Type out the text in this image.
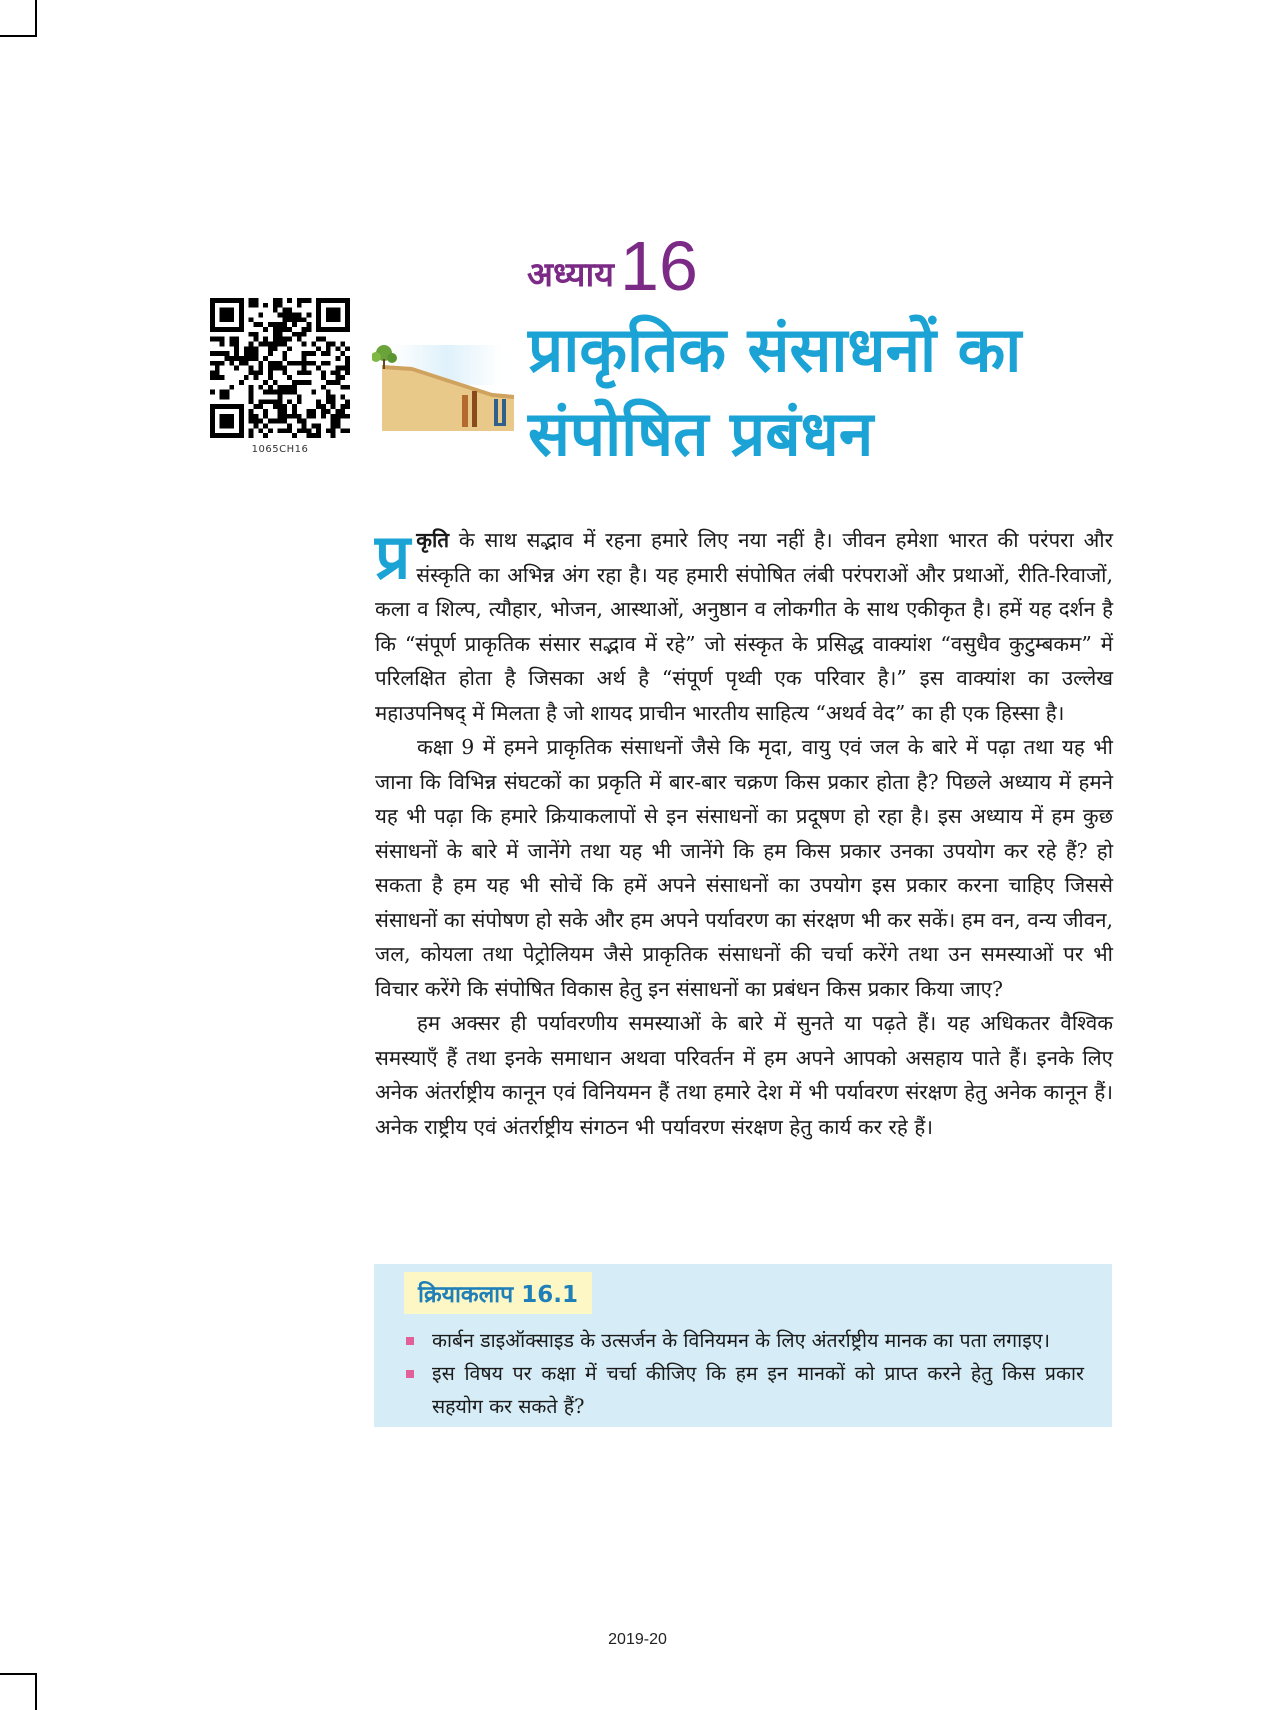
1065CH16
अध्याय16
प्राकृतिक संसाधनों का संपोषित प्रबंधन

प्र कृति के साथ सद्भाव में रहना हमारे लिए नया नहीं है। जीवन हमेशा भारत की परंपरा और संस्कृति का अभिन्न अंग रहा है। यह हमारी संपोषित लंबी परंपराओं और प्रथाओं, रीति-रिवाजों, कला व शिल्प, त्यौहार, भोजन, आस्थाओं, अनुष्ठान व लोकगीत के साथ एकीकृत है। हमें यह दर्शन है कि “संपूर्ण प्राकृतिक संसार सद्भाव में रहे” जो संस्कृत के प्रसिद्ध वाक्यांश “वसुधैव कुटुम्बकम” में परिलक्षित होता है जिसका अर्थ है “संपूर्ण पृथ्वी एक परिवार है।” इस वाक्यांश का उल्लेख महाउपनिषद् में मिलता है जो शायद प्राचीन भारतीय साहित्य “अथर्व वेद” का ही एक हिस्सा है।

कक्षा 9 में हमने प्राकृतिक संसाधनों जैसे कि मृदा, वायु एवं जल के बारे में पढ़ा तथा यह भी जाना कि विभिन्न संघटकों का प्रकृति में बार-बार चक्रण किस प्रकार होता है? पिछले अध्याय में हमने यह भी पढ़ा कि हमारे क्रियाकलापों से इन संसाधनों का प्रदूषण हो रहा है। इस अध्याय में हम कुछ संसाधनों के बारे में जानेंगे तथा यह भी जानेंगे कि हम किस प्रकार उनका उपयोग कर रहे हैं? हो सकता है हम यह भी सोचें कि हमें अपने संसाधनों का उपयोग इस प्रकार करना चाहिए जिससे संसाधनों का संपोषण हो सके और हम अपने पर्यावरण का संरक्षण भी कर सकें। हम वन, वन्य जीवन, जल, कोयला तथा पेट्रोलियम जैसे प्राकृतिक संसाधनों की चर्चा करेंगे तथा उन समस्याओं पर भी विचार करेंगे कि संपोषित विकास हेतु इन संसाधनों का प्रबंधन किस प्रकार किया जाए?

हम अक्सर ही पर्यावरणीय समस्याओं के बारे में सुनते या पढ़ते हैं। यह अधिकतर वैश्विक समस्याएँ हैं तथा इनके समाधान अथवा परिवर्तन में हम अपने आपको असहाय पाते हैं। इनके लिए अनेक अंतर्राष्ट्रीय कानून एवं विनियमन हैं तथा हमारे देश में भी पर्यावरण संरक्षण हेतु अनेक कानून हैं। अनेक राष्ट्रीय एवं अंतर्राष्ट्रीय संगठन भी पर्यावरण संरक्षण हेतु कार्य कर रहे हैं।

क्रियाकलाप 16.1
कार्बन डाइऑक्साइड के उत्सर्जन के विनियमन के लिए अंतर्राष्ट्रीय मानक का पता लगाइए।
इस विषय पर कक्षा में चर्चा कीजिए कि हम इन मानकों को प्राप्त करने हेतु किस प्रकार सहयोग कर सकते हैं?
2019-20
